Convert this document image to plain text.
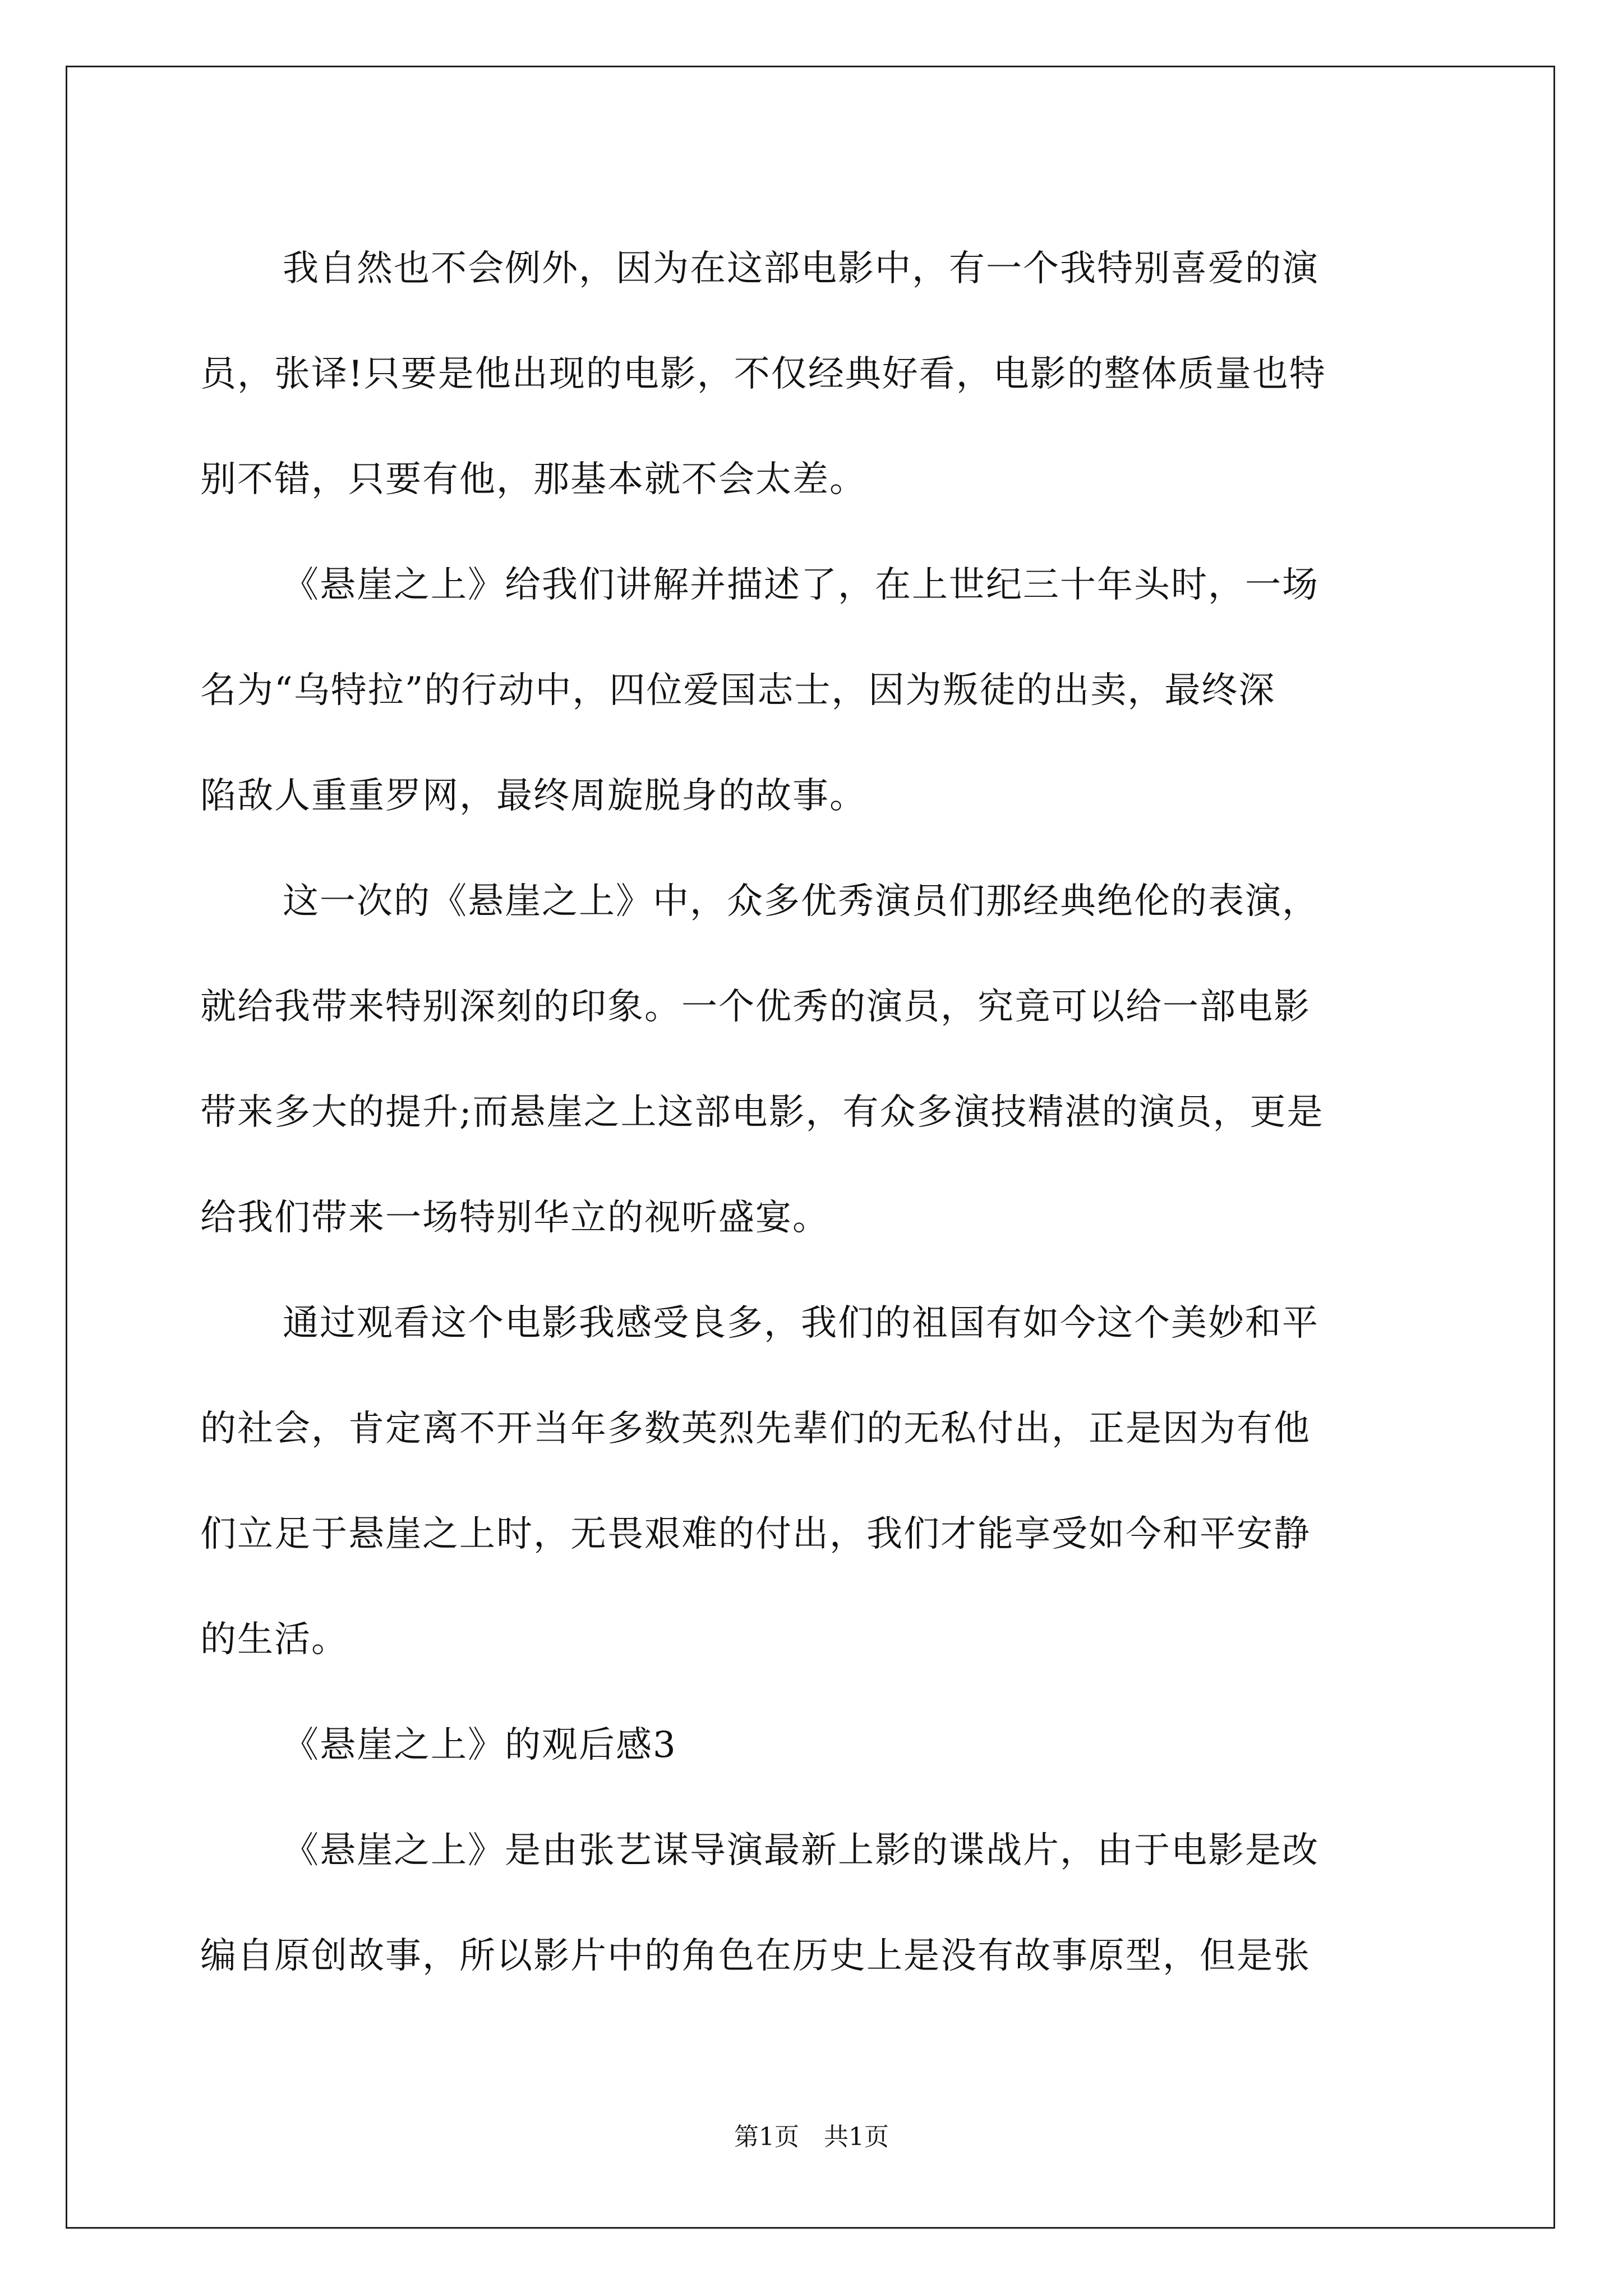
我自然也不会例外，因为在这部电影中，有一个我特别喜爱的演
员，张译!只要是他出现的电影，不仅经典好看，电影的整体质量也特
别不错，只要有他，那基本就不会太差。
《悬崖之上》给我们讲解并描述了，在上世纪三十年头时，一场
名为“乌特拉”的行动中，四位爱国志士，因为叛徒的出卖，最终深
陷敌人重重罗网，最终周旋脱身的故事。
这一次的《悬崖之上》中，众多优秀演员们那经典绝伦的表演，
就给我带来特别深刻的印象。一个优秀的演员，究竟可以给一部电影
带来多大的提升;而悬崖之上这部电影，有众多演技精湛的演员，更是
给我们带来一场特别华立的视听盛宴。
通过观看这个电影我感受良多，我们的祖国有如今这个美妙和平
的社会，肯定离不开当年多数英烈先辈们的无私付出，正是因为有他
们立足于悬崖之上时，无畏艰难的付出，我们才能享受如今和平安静
的生活。
《悬崖之上》的观后感3
《悬崖之上》是由张艺谋导演最新上影的谍战片，由于电影是改
编自原创故事，所以影片中的角色在历史上是没有故事原型，但是张
第1页　共1页
